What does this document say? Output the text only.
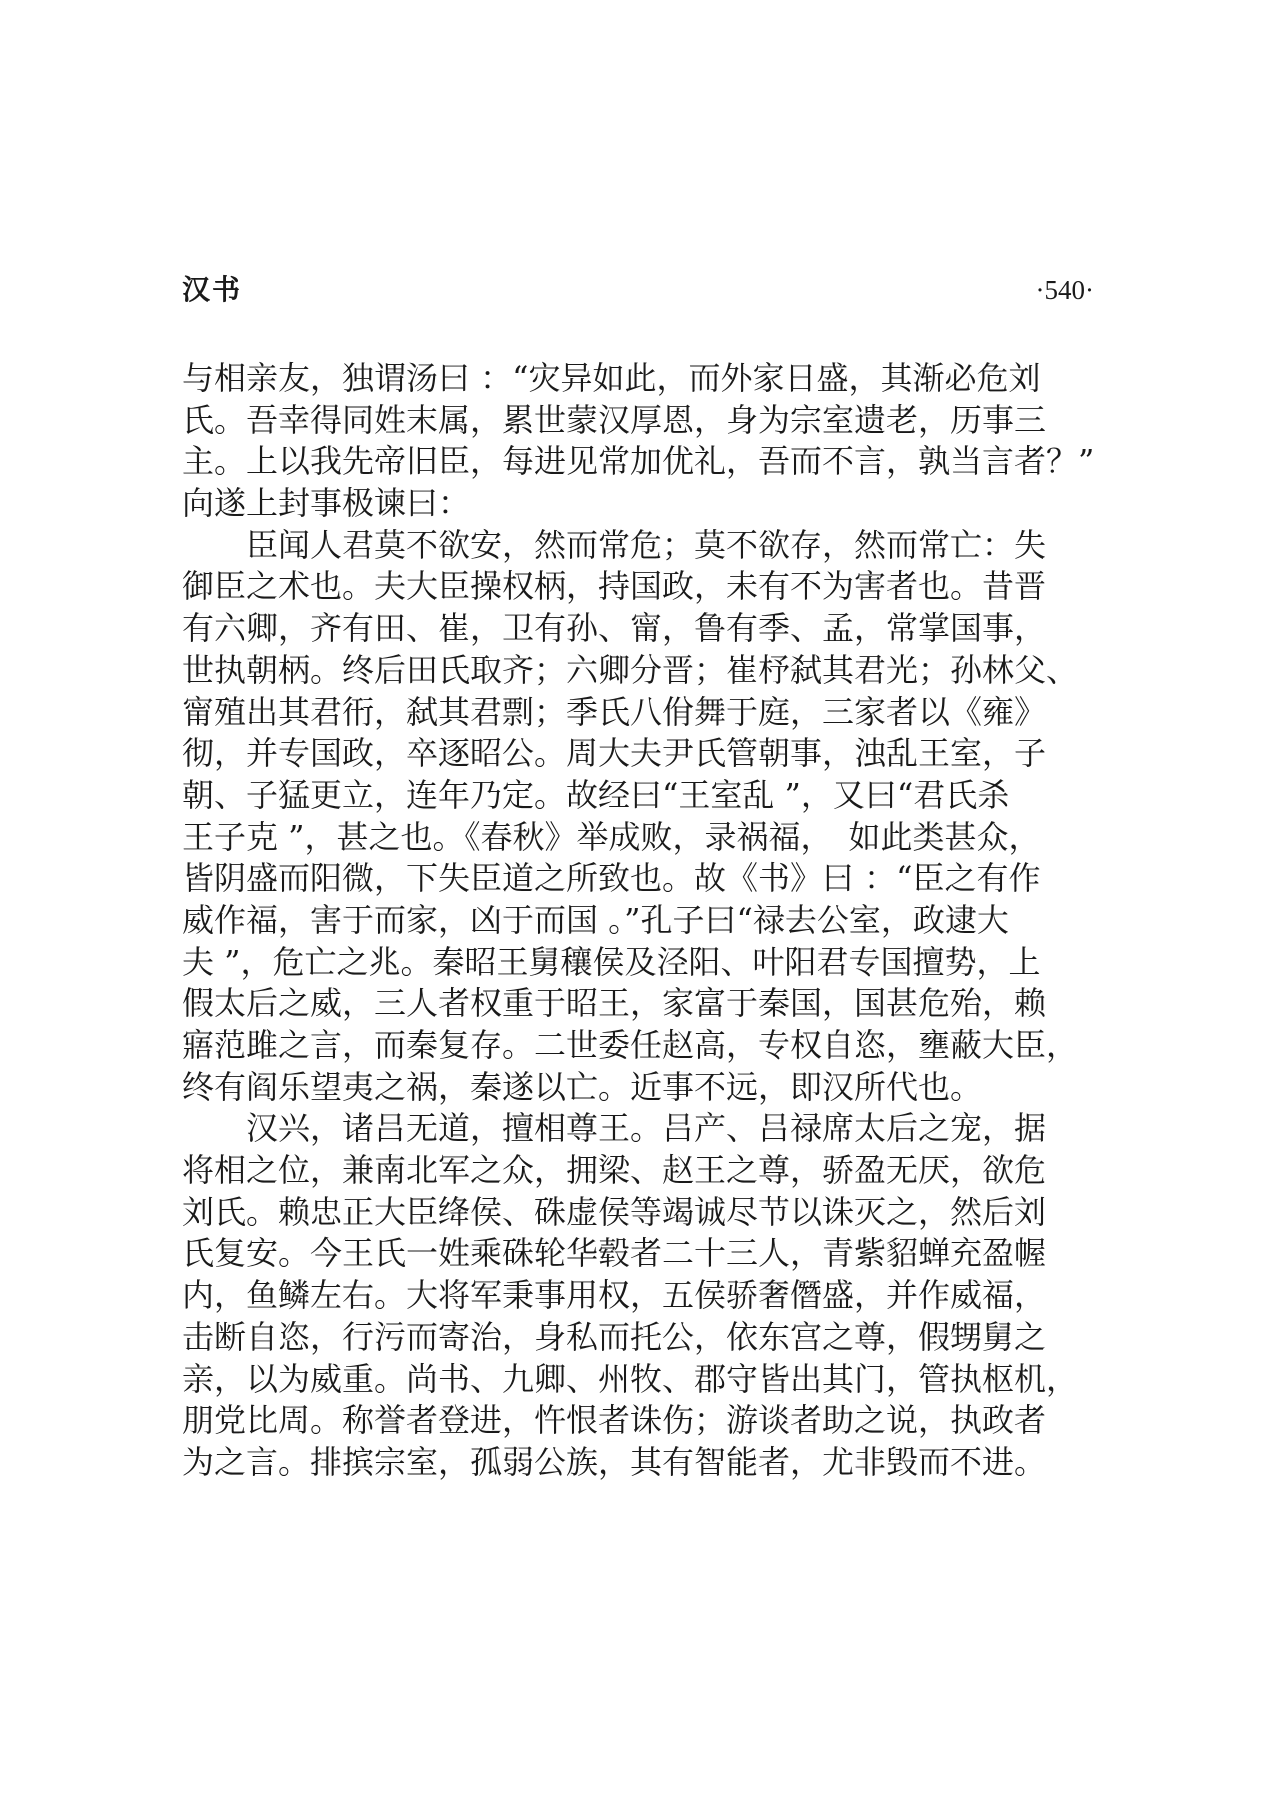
汉书	·540·
与相亲友，独谓汤曰 ：“灾异如此，而外家日盛，其渐必危刘
氏。吾幸得同姓末属，累世蒙汉厚恩，身为宗室遗老，历事三
主。上以我先帝旧臣，每进见常加优礼，吾而不言，孰当言者？”
向遂上封事极谏曰：
　　臣闻人君莫不欲安，然而常危；莫不欲存，然而常亡：失
御臣之术也。夫大臣操权柄，持国政，未有不为害者也。昔晋
有六卿，齐有田、崔，卫有孙、甯，鲁有季、孟，常掌国事，
世执朝柄。终后田氏取齐；六卿分晋；崔杼弑其君光；孙林父、
甯殖出其君衎，弑其君剽；季氏八佾舞于庭，三家者以《雍》
彻，并专国政，卒逐昭公。周大夫尹氏管朝事，浊乱王室，子
朝、子猛更立，连年乃定。故经曰“王室乱 ”，又曰“君氏杀
王子克 ”，甚之也。《春秋》举成败，录祸福，　如此类甚众，
皆阴盛而阳微，下失臣道之所致也。故《书》曰 ：“臣之有作
威作福，害于而家，凶于而国 。”孔子曰“禄去公室，政逮大
夫 ”，危亡之兆。秦昭王舅穰侯及泾阳、叶阳君专国擅势，上
假太后之威，三人者权重于昭王，家富于秦国，国甚危殆，赖
寤范雎之言，而秦复存。二世委任赵高，专权自恣，壅蔽大臣，
终有阎乐望夷之祸，秦遂以亡。近事不远，即汉所代也。
　　汉兴，诸吕无道，擅相尊王。吕产、吕禄席太后之宠，据
将相之位，兼南北军之众，拥梁、赵王之尊，骄盈无厌，欲危
刘氏。赖忠正大臣绛侯、硃虚侯等竭诚尽节以诛灭之，然后刘
氏复安。今王氏一姓乘硃轮华毂者二十三人，青紫貂蝉充盈幄
内，鱼鳞左右。大将军秉事用权，五侯骄奢僭盛，并作威福，
击断自恣，行污而寄治，身私而托公，依东宫之尊，假甥舅之
亲，以为威重。尚书、九卿、州牧、郡守皆出其门，管执枢机，
朋党比周。称誉者登进，忤恨者诛伤；游谈者助之说，执政者
为之言。排摈宗室，孤弱公族，其有智能者，尤非毁而不进。
